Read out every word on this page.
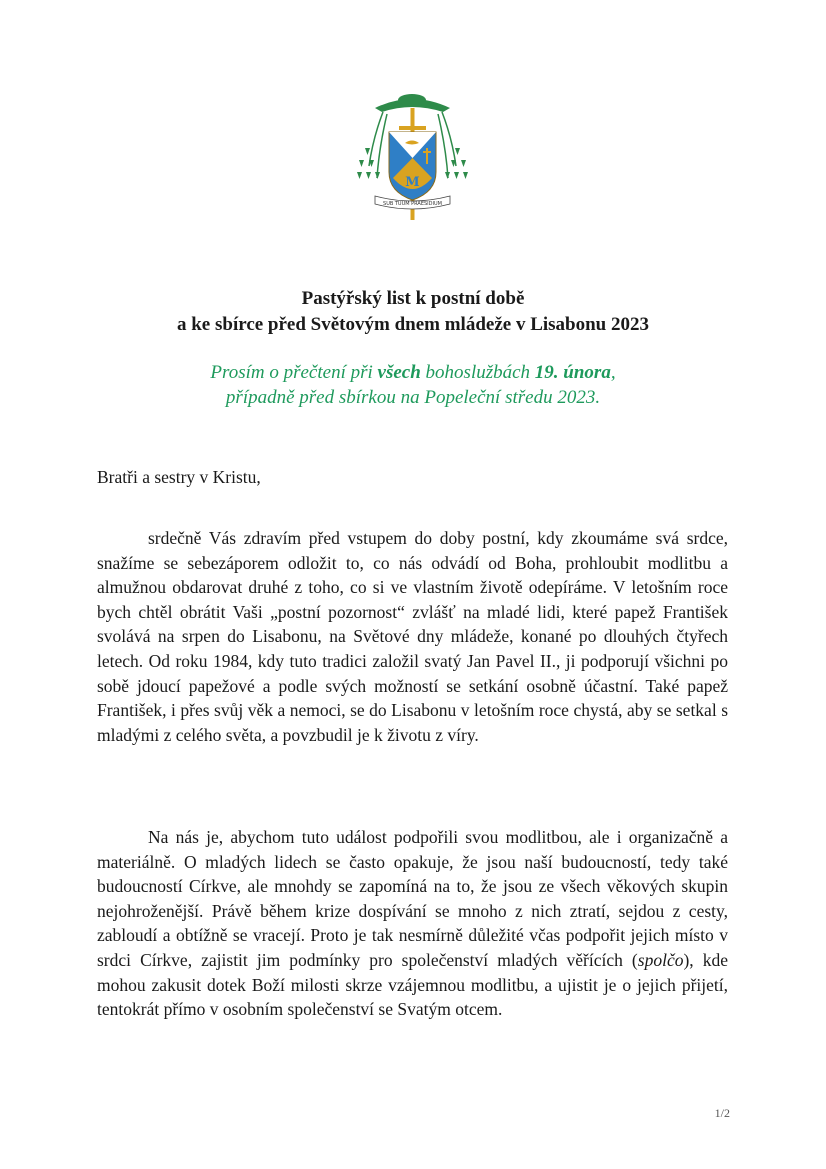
M
SUB TUUM PRAESIDIUM
Pastýřský list k postní době
a ke sbírce před Světovým dnem mládeže v Lisabonu 2023
Prosím o přečtení při všech bohoslužbách 19. února,
případně před sbírkou na Popeleční středu 2023.
Bratři a sestry v Kristu,

srdečně Vás zdravím před vstupem do doby postní, kdy zkoumáme svá srdce, snažíme se sebezáporem odložit to, co nás odvádí od Boha, prohloubit modlitbu a almužnou obdarovat druhé z toho, co si ve vlastním životě odepíráme. V letošním roce bych chtěl obrátit Vaši „postní pozornost“ zvlášť na mladé lidi, které papež František svolává na srpen do Lisabonu, na Světové dny mládeže, konané po dlouhých čtyřech letech. Od roku 1984, kdy tuto tradici založil svatý Jan Pavel II., ji podporují všichni po sobě jdoucí papežové a podle svých možností se setkání osobně účastní. Také papež František, i přes svůj věk a nemoci, se do Lisabonu v letošním roce chystá, aby se setkal s mladými z celého světa, a povzbudil je k životu z víry.

Na nás je, abychom tuto událost podpořili svou modlitbou, ale i organizačně a materiálně. O mladých lidech se často opakuje, že jsou naší budoucností, tedy také budoucností Církve, ale mnohdy se zapomíná na to, že jsou ze všech věkových skupin nejohroženější. Právě během krize dospívání se mnoho z nich ztratí, sejdou z cesty, zabloudí a obtížně se vracejí. Proto je tak nesmírně důležité včas podpořit jejich místo v srdci Církve, zajistit jim podmínky pro společenství mladých věřících (spolčo), kde mohou zakusit dotek Boží milosti skrze vzájemnou modlitbu, a ujistit je o jejich přijetí, tentokrát přímo v osobním společenství se Svatým otcem.

1/2
